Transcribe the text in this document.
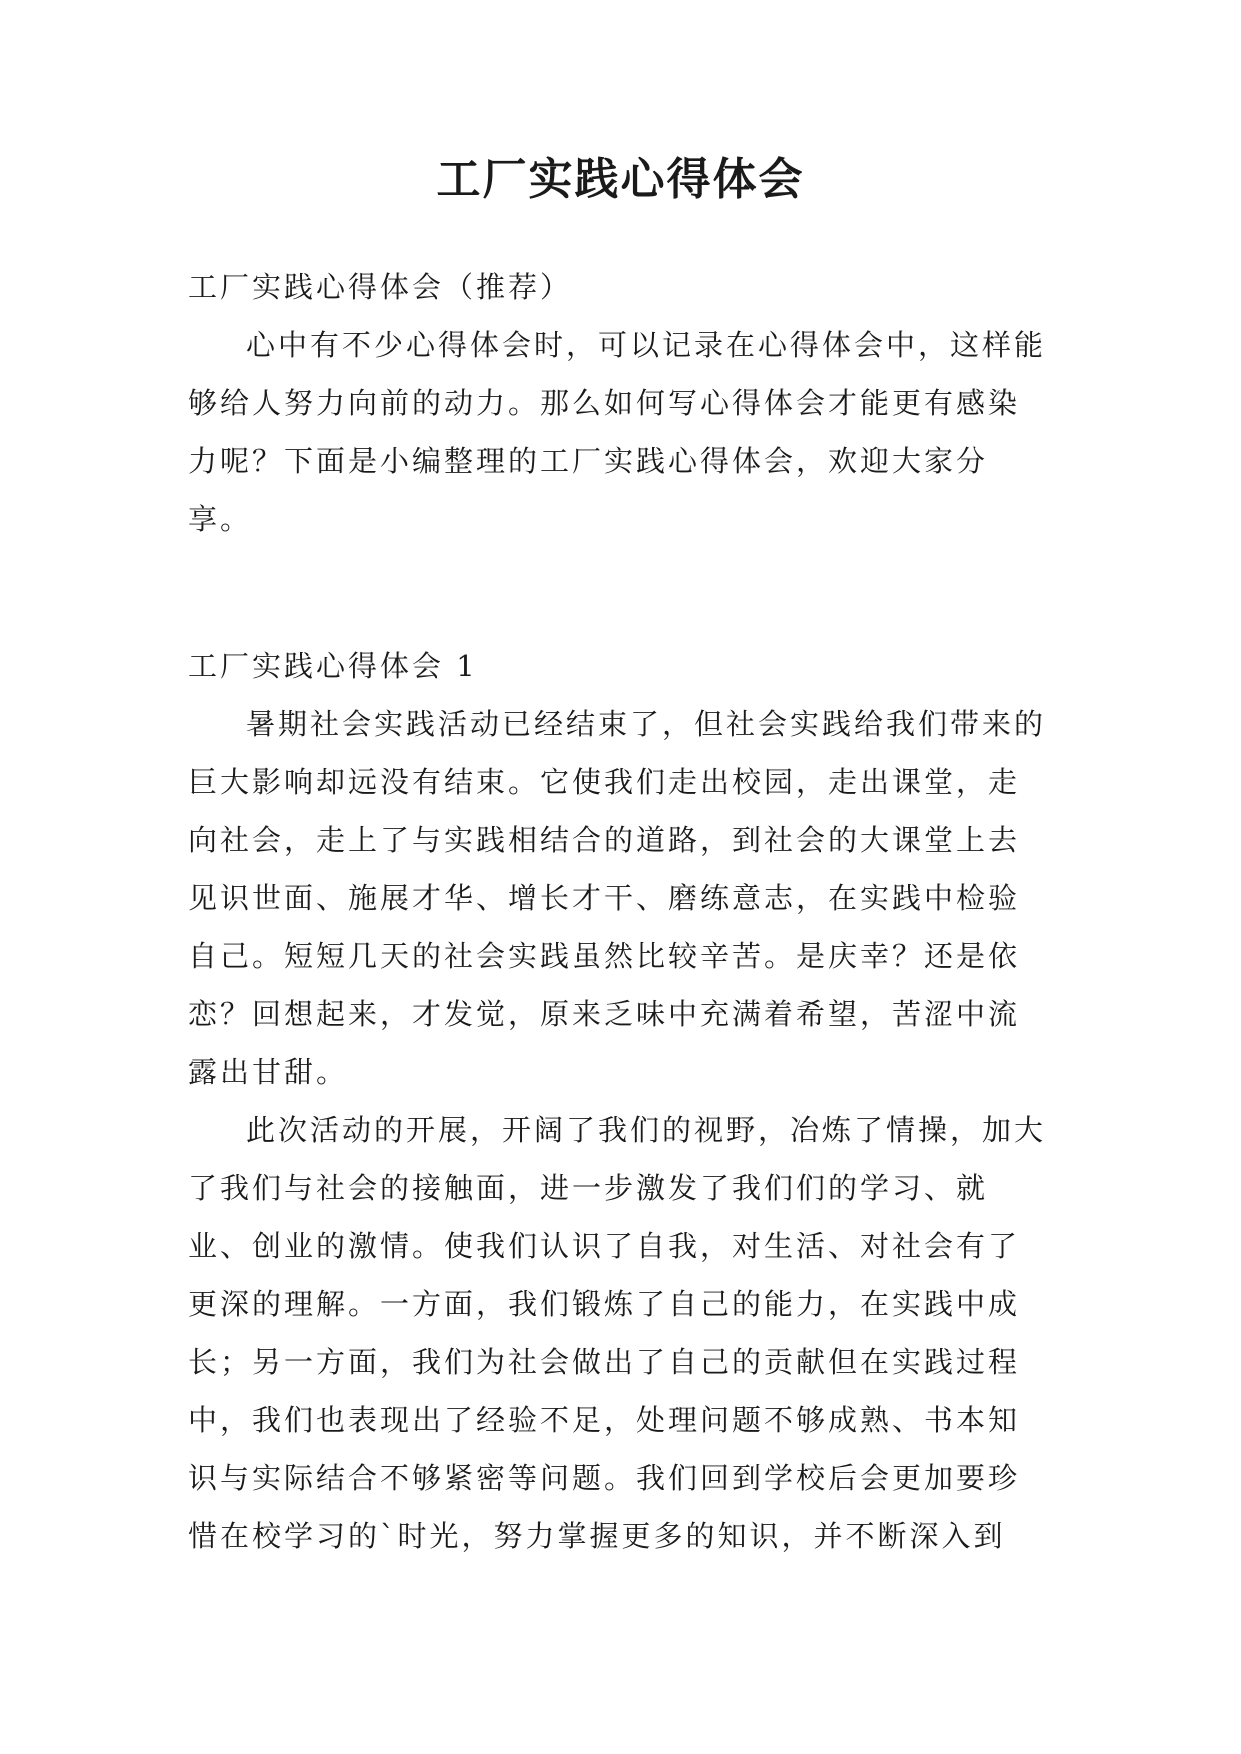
工厂实践心得体会
工厂实践心得体会（推荐）

心中有不少心得体会时，可以记录在心得体会中，这样能够给人努力向前的动力。那么如何写心得体会才能更有感染力呢？下面是小编整理的工厂实践心得体会，欢迎大家分享。

工厂实践心得体会 1

暑期社会实践活动已经结束了，但社会实践给我们带来的巨大影响却远没有结束。它使我们走出校园，走出课堂，走向社会，走上了与实践相结合的道路，到社会的大课堂上去见识世面、施展才华、增长才干、磨练意志，在实践中检验自己。短短几天的社会实践虽然比较辛苦。是庆幸？还是依恋？回想起来，才发觉，原来乏味中充满着希望，苦涩中流露出甘甜。

此次活动的开展，开阔了我们的视野，冶炼了情操，加大了我们与社会的接触面，进一步激发了我们们的学习、就业、创业的激情。使我们认识了自我，对生活、对社会有了更深的理解。一方面，我们锻炼了自己的能力，在实践中成长；另一方面，我们为社会做出了自己的贡献但在实践过程中，我们也表现出了经验不足，处理问题不够成熟、书本知识与实际结合不够紧密等问题。我们回到学校后会更加要珍惜在校学习的`时光，努力掌握更多的知识，并不断深入到
